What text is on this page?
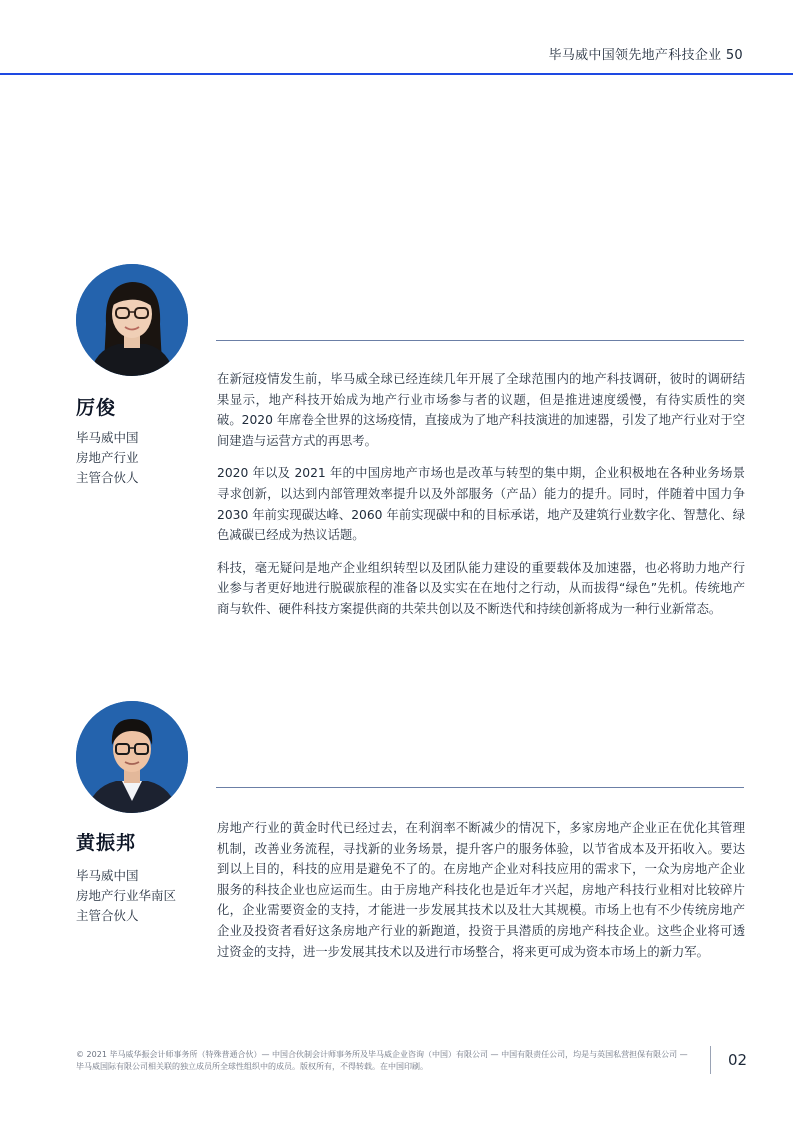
毕马威中国领先地产科技企业 50
厉俊
毕马威中国
房地产行业
主管合伙人

在新冠疫情发生前，毕马威全球已经连续几年开展了全球范围内的地产科技调研，彼时的调研结果显示，地产科技开始成为地产行业市场参与者的议题，但是推进速度缓慢，有待实质性的突破。2020 年席卷全世界的这场疫情，直接成为了地产科技演进的加速器，引发了地产行业对于空间建造与运营方式的再思考。

2020 年以及 2021 年的中国房地产市场也是改革与转型的集中期，企业积极地在各种业务场景寻求创新，以达到内部管理效率提升以及外部服务（产品）能力的提升。同时，伴随着中国力争 2030 年前实现碳达峰、2060 年前实现碳中和的目标承诺，地产及建筑行业数字化、智慧化、绿色减碳已经成为热议话题。

科技，毫无疑问是地产企业组织转型以及团队能力建设的重要载体及加速器，也必将助力地产行业参与者更好地进行脱碳旅程的准备以及实实在在地付之行动，从而拔得“绿色”先机。传统地产商与软件、硬件科技方案提供商的共荣共创以及不断迭代和持续创新将成为一种行业新常态。

黄振邦
毕马威中国
房地产行业华南区
主管合伙人

房地产行业的黄金时代已经过去，在利润率不断减少的情况下，多家房地产企业正在优化其管理机制，改善业务流程，寻找新的业务场景，提升客户的服务体验，以节省成本及开拓收入。要达到以上目的，科技的应用是避免不了的。在房地产企业对科技应用的需求下，一众为房地产企业服务的科技企业也应运而生。由于房地产科技化也是近年才兴起，房地产科技行业相对比较碎片化，企业需要资金的支持，才能进一步发展其技术以及壮大其规模。市场上也有不少传统房地产企业及投资者看好这条房地产行业的新跑道，投资于具潜质的房地产科技企业。这些企业将可透过资金的支持，进一步发展其技术以及进行市场整合，将来更可成为资本市场上的新力军。

© 2021 毕马威华振会计师事务所（特殊普通合伙）— 中国合伙制会计师事务所及毕马威企业咨询（中国）有限公司 — 中国有限责任公司，均是与英国私营担保有限公司 — 毕马威国际有限公司相关联的独立成员所全球性组织中的成员。版权所有，不得转载。在中国印刷。	02
